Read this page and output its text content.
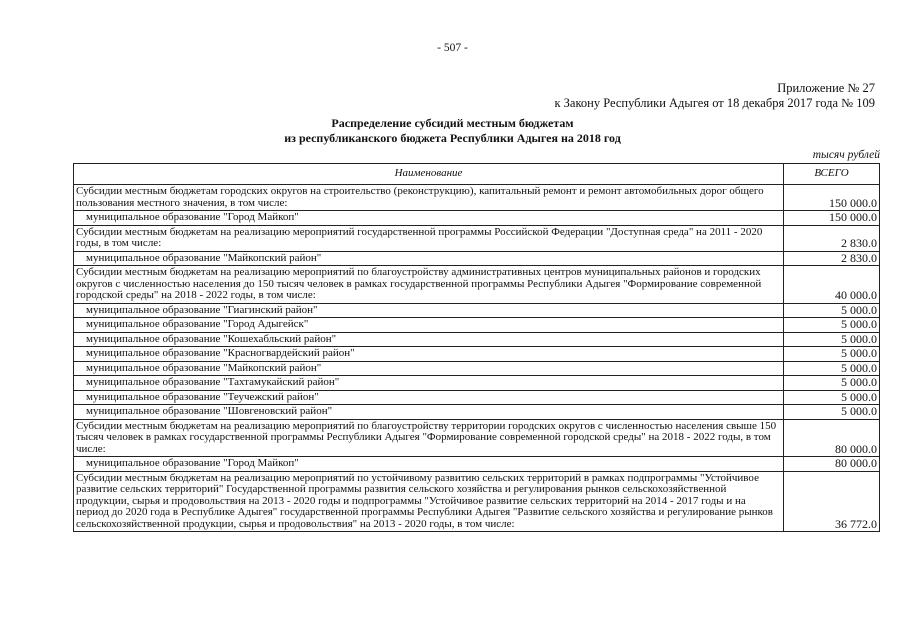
- 507 -
Приложение № 27
к Закону Республики Адыгея от 18 декабря 2017 года № 109
Распределение субсидий местным бюджетам
из республиканского бюджета Республики Адыгея на 2018 год
тысяч рублей
Наименование	ВСЕГО
Субсидии местным бюджетам городских округов на строительство (реконструкцию), капитальный ремонт и ремонт автомобильных дорог общего пользования местного значения, в том числе:	150 000.0
муниципальное образование "Город Майкоп"	150 000.0
Субсидии местным бюджетам на реализацию мероприятий государственной программы Российской Федерации "Доступная среда" на 2011 - 2020 годы, в том числе:	2 830.0
муниципальное образование "Майкопский район"	2 830.0
Субсидии местным бюджетам на реализацию мероприятий по благоустройству административных центров муниципальных районов и городских округов с численностью населения до 150 тысяч человек в рамках государственной программы Республики Адыгея "Формирование современной городской среды" на 2018 - 2022 годы, в том числе:	40 000.0
муниципальное образование "Гиагинский район"	5 000.0
муниципальное образование "Город Адыгейск"	5 000.0
муниципальное образование "Кошехабльский район"	5 000.0
муниципальное образование "Красногвардейский район"	5 000.0
муниципальное образование "Майкопский район"	5 000.0
муниципальное образование "Тахтамукайский район"	5 000.0
муниципальное образование "Теучежский район"	5 000.0
муниципальное образование "Шовгеновский район"	5 000.0
Субсидии местным бюджетам на реализацию мероприятий по благоустройству территории городских округов с численностью населения свыше 150 тысяч человек в рамках государственной программы Республики Адыгея "Формирование современной городской среды" на 2018 - 2022 годы, в том числе:	80 000.0
муниципальное образование "Город Майкоп"	80 000.0
Субсидии местным бюджетам на реализацию мероприятий по устойчивому развитию сельских территорий в рамках подпрограммы "Устойчивое развитие сельских территорий" Государственной программы развития сельского хозяйства и регулирования рынков сельскохозяйственной продукции, сырья и продовольствия на 2013 - 2020 годы и подпрограммы "Устойчивое развитие сельских территорий на 2014 - 2017 годы и на период до 2020 года в Республике Адыгея" государственной программы Республики Адыгея "Развитие сельского хозяйства и регулирование рынков сельскохозяйственной продукции, сырья и продовольствия" на 2013 - 2020 годы, в том числе:	36 772.0
